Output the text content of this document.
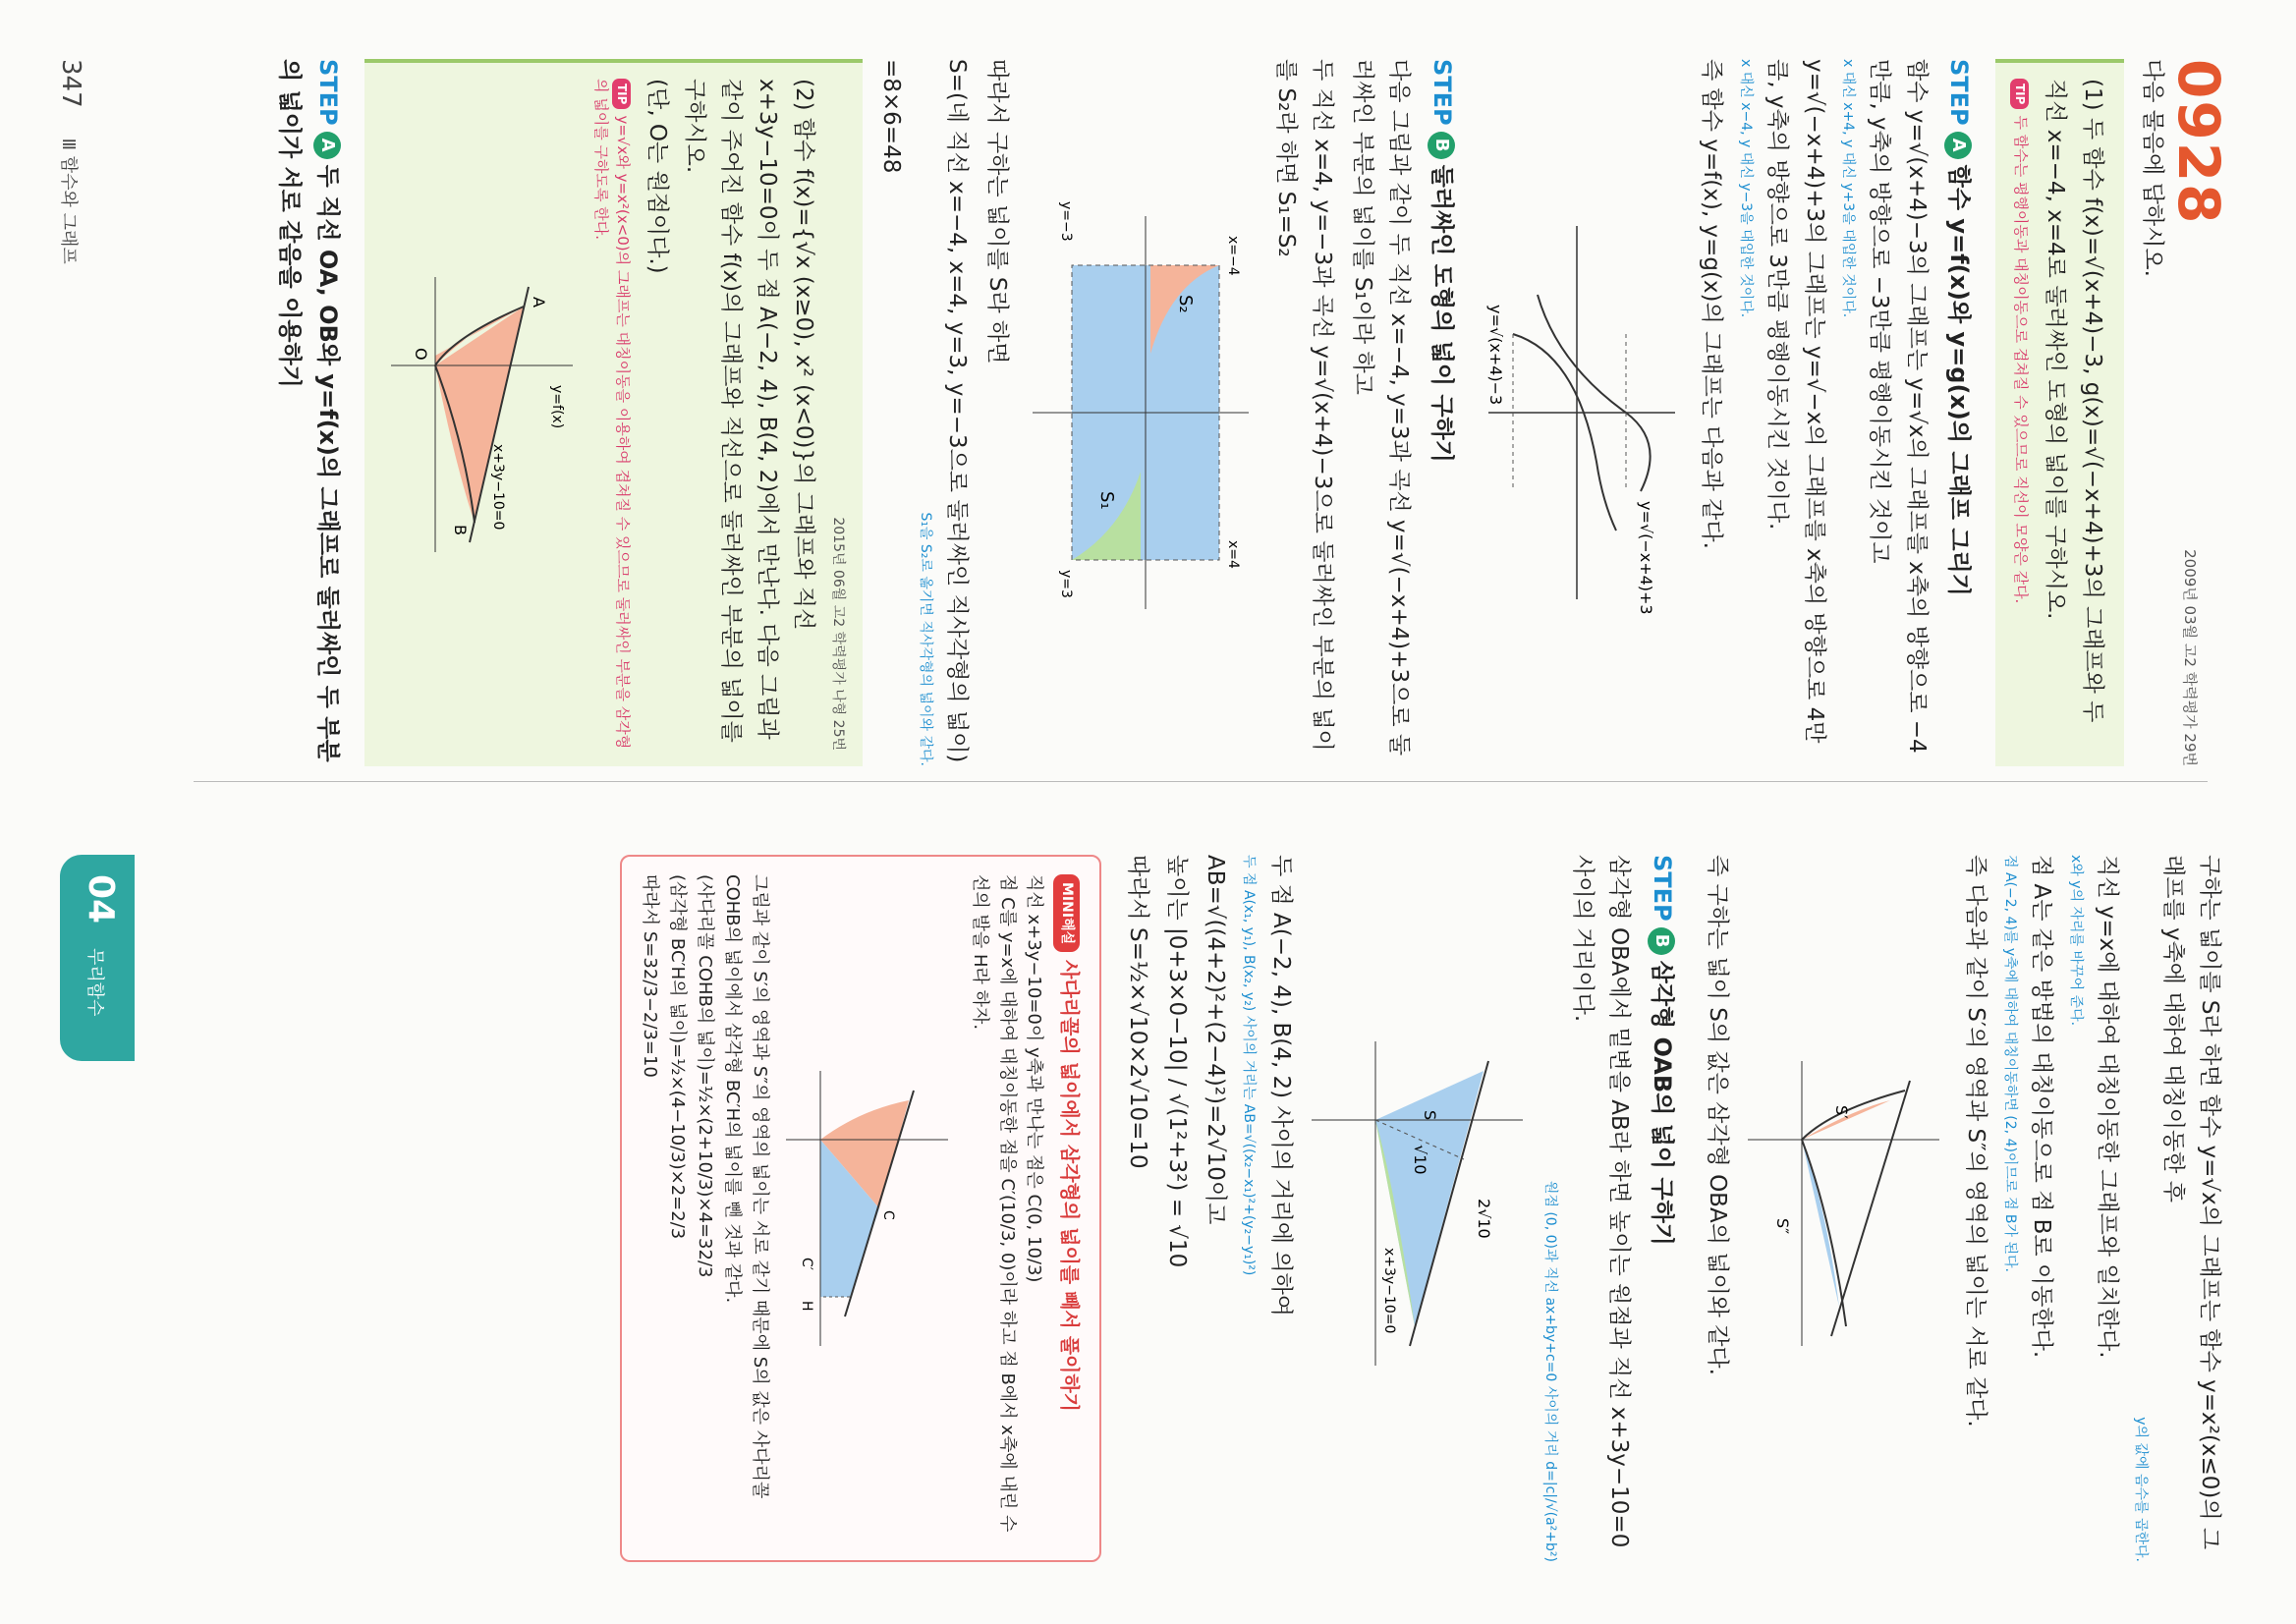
0928
2009년 03월 고2 학력평가 29번
다음 물음에 답하시오.
(1) 두 함수 f(x)=√(x+4)−3, g(x)=√(−x+4)+3의 그래프와 두 직선 x=−4, x=4로 둘러싸인 도형의 넓이를 구하시오.
TIP두 함수는 평행이동과 대칭이동으로 겹쳐질 수 있으므로 직선이 모양은 같다.
STEPA함수 y=f(x)와 y=g(x)의 그래프 그리기
함수 y=√(x+4)−3의 그래프는 y=√x의 그래프를 x축의 방향으로 −4만큼, y축의 방향으로 −3만큼 평행이동시킨 것이고
x 대신 x+4, y 대신 y+3을 대입한 것이다.
y=√(−x+4)+3의 그래프는 y=√−x의 그래프를 x축의 방향으로 4만큼, y축의 방향으로 3만큼 평행이동시킨 것이다.
x 대신 x−4, y 대신 y−3을 대입한 것이다.
즉 함수 y=f(x), y=g(x)의 그래프는 다음과 같다.
y=√(−x+4)+3
y=√(x+4)−3
STEPB둘러싸인 도형의 넓이 구하기
다음 그림과 같이 두 직선 x=−4, y=3과 곡선 y=√(−x+4)+3으로 둘러싸인 부분의 넓이를 S₁이라 하고
두 직선 x=4, y=−3과 곡선 y=√(x+4)−3으로 둘러싸인 부분의 넓이를 S₂라 하면 S₁=S₂
S₁
S₂
x=−4
x=4
y=3
y=−3
따라서 구하는 넓이를 S라 하면
S=(네 직선 x=−4, x=4, y=3, y=−3으로 둘러싸인 직사각형의 넓이)
S₁을 S₂로 옮기면 직사각형의 넓이와 같다.
=8×6=48
2015년 06월 고2 학력평가 나형 25번
(2) 함수 f(x)={√x (x≥0), x² (x<0)}의 그래프와 직선 x+3y−10=0이 두 점 A(−2, 4), B(4, 2)에서 만난다. 다음 그림과 같이 주어진 함수 f(x)의 그래프와 직선으로 둘러싸인 부분의 넓이를 구하시오.
(단, O는 원점이다.)
TIPy=√x와 y=x²(x<0)의 그래프는 대칭이동을 이용하여 겹쳐질 수 있으므로 둘러싸인 부분을 삼각형의 넓이를 구하도록 한다.
A
B
O
y=f(x)
x+3y−10=0
STEPA두 직선 OA, OB와 y=f(x)의 그래프로 둘러싸인 두 부분의 넓이가 서로 같음을 이용하기
구하는 넓이를 S라 하면 함수 y=√x의 그래프는 함수 y=x²(x≤0)의 그래프를 y축에 대하여 대칭이동한 후
y의 값에 음수를 곱한다.
직선 y=x에 대하여 대칭이동한 그래프와 일치한다.
x와 y의 자리를 바꾸어 준다.
점 A는 같은 방법의 대칭이동으로 점 B로 이동한다.
점 A(−2, 4)를 y축에 대하여 대칭이동하면 (2, 4)이므로 점 B가 된다.
즉 다음과 같이 S′의 영역과 S″의 영역의 넓이는 서로 같다.
S′
S″
즉 구하는 넓이 S의 값은 삼각형 OBA의 넓이와 같다.
STEPB삼각형 OAB의 넓이 구하기
삼각형 OBA에서 밑변을 AB라 하면 높이는 원점과 직선 x+3y−10=0 사이의 거리이다.
원점 (0, 0)과 직선 ax+by+c=0 사이의 거리 d=|c|/√(a²+b²)
2√10
√10
S
x+3y−10=0
두 점 A(−2, 4), B(4, 2) 사이의 거리에 의하여
두 점 A(x₁, y₁), B(x₂, y₂) 사이의 거리는 AB=√((x₂−x₁)²+(y₂−y₁)²)
AB=√((4+2)²+(2−4)²)=2√10이고
높이는 |0+3×0−10| / √(1²+3²) = √10
따라서 S=½×√10×2√10=10
MINI해설사다리꼴의 넓이에서 삼각형의 넓이를 빼서 풀이하기
직선 x+3y−10=0이 y축과 만나는 점은 C(0, 10/3)
점 C를 y=x에 대하여 대칭이동한 점을 C′(10/3, 0)이라 하고 점 B에서 x축에 내린 수선의 발을 H라 하자.
C
C′
H
그림과 같이 S′의 영역과 S″의 영역의 넓이는 서로 같기 때문에 S의 값은 사다리꼴 COHB의 넓이에서 삼각형 BC′H의 넓이를 뺀 것과 같다.
(사다리꼴 COHB의 넓이)=½×(2+10/3)×4=32/3
(삼각형 BC′H의 넓이)=½×(4−10/3)×2=2/3
따라서 S=32/3−2/3=10
347 Ⅲ 함수와 그래프
04
무리함수
